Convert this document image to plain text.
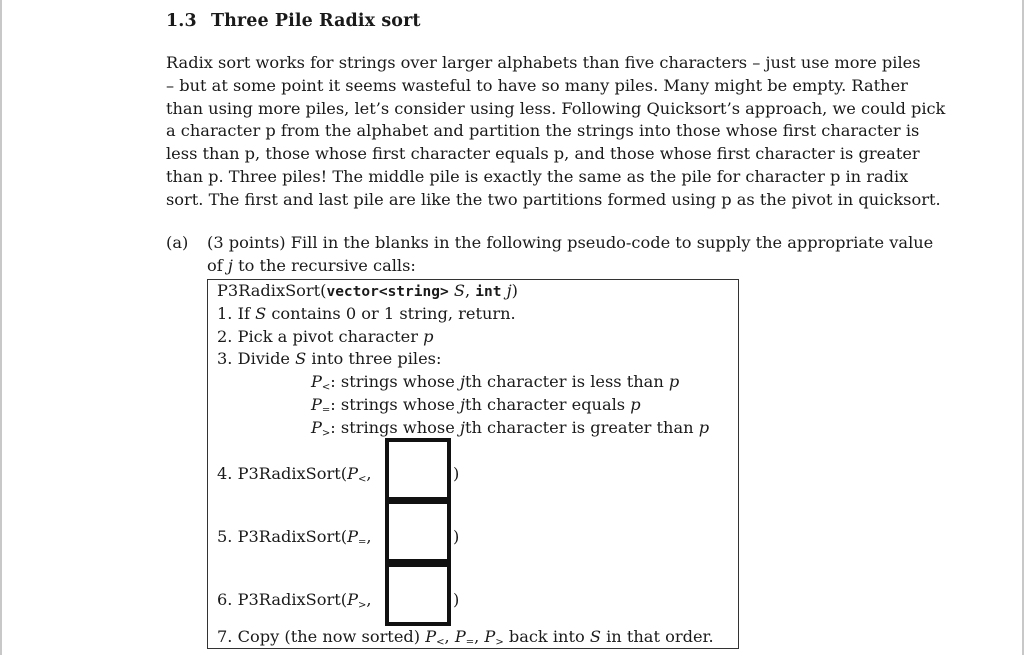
1.3 Three Pile Radix sort
Radix sort works for strings over larger alphabets than five characters – just use more piles
– but at some point it seems wasteful to have so many piles. Many might be empty. Rather
than using more piles, let’s consider using less. Following Quicksort’s approach, we could pick
a character p from the alphabet and partition the strings into those whose first character is
less than p, those whose first character equals p, and those whose first character is greater
than p. Three piles! The middle pile is exactly the same as the pile for character p in radix
sort. The first and last pile are like the two partitions formed using p as the pivot in quicksort.
(a) (3 points) Fill in the blanks in the following pseudo-code to supply the appropriate value
of j to the recursive calls:
P3RadixSort(vector<string> S, int j)
1. If S contains 0 or 1 string, return.
2. Pick a pivot character p
3. Divide S into three piles:
$P_<$: strings whose jth character is less than p
$P_=$: strings whose jth character equals p
$P_>$: strings whose jth character is greater than p
4. $P3RadixSort(P_<$,
5. $P3RadixSort(P_=$,
6. $P3RadixSort(P_>$,
)
)
)
7. Copy (the now sorted) $P_<$, $P_=$, $P_>$ back into S in that order.
